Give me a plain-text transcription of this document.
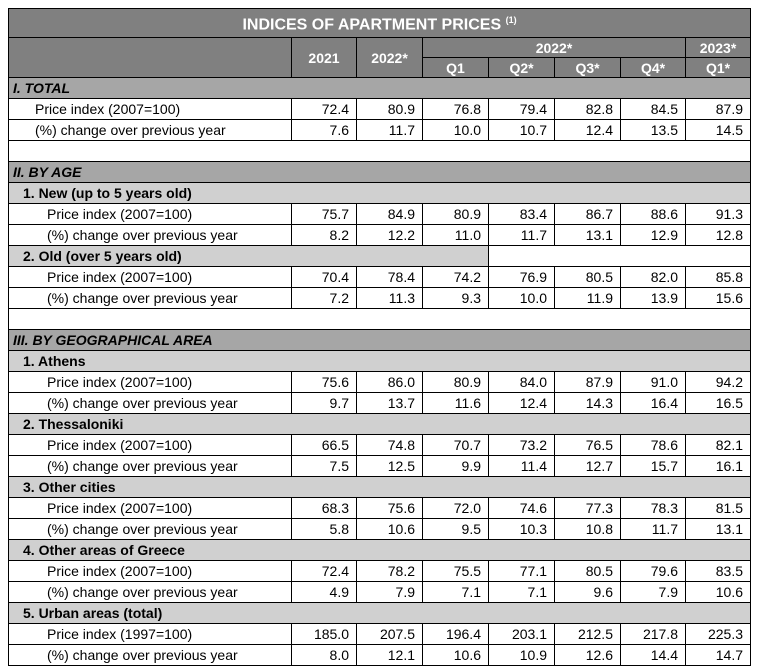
INDICES OF APARTMENT PRICES $^{(1)}$
	2021	2022*	2022*				2023*
			Q1	Q2*	Q3*	Q4*	Q1*
I. TOTAL							
Price index (2007=100)	72.4	80.9	76.8	79.4	82.8	84.5	87.9
(%) change over previous year	7.6	11.7	10.0	10.7	12.4	13.5	14.5

II. BY AGE							
1. New (up to 5 years old)							
Price index (2007=100)	75.7	84.9	80.9	83.4	86.7	88.6	91.3
(%) change over previous year	8.2	12.2	11.0	11.7	13.1	12.9	12.8
2. Old (over 5 years old)							
Price index (2007=100)	70.4	78.4	74.2	76.9	80.5	82.0	85.8
(%) change over previous year	7.2	11.3	9.3	10.0	11.9	13.9	15.6

III. BY GEOGRAPHICAL AREA							
1. Athens							
Price index (2007=100)	75.6	86.0	80.9	84.0	87.9	91.0	94.2
(%) change over previous year	9.7	13.7	11.6	12.4	14.3	16.4	16.5
2. Thessaloniki							
Price index (2007=100)	66.5	74.8	70.7	73.2	76.5	78.6	82.1
(%) change over previous year	7.5	12.5	9.9	11.4	12.7	15.7	16.1
3. Other cities							
Price index (2007=100)	68.3	75.6	72.0	74.6	77.3	78.3	81.5
(%) change over previous year	5.8	10.6	9.5	10.3	10.8	11.7	13.1
4. Other areas of Greece							
Price index (2007=100)	72.4	78.2	75.5	77.1	80.5	79.6	83.5
(%) change over previous year	4.9	7.9	7.1	7.1	9.6	7.9	10.6
5. Urban areas (total)							
Price index (1997=100)	185.0	207.5	196.4	203.1	212.5	217.8	225.3
(%) change over previous year	8.0	12.1	10.6	10.9	12.6	14.4	14.7
